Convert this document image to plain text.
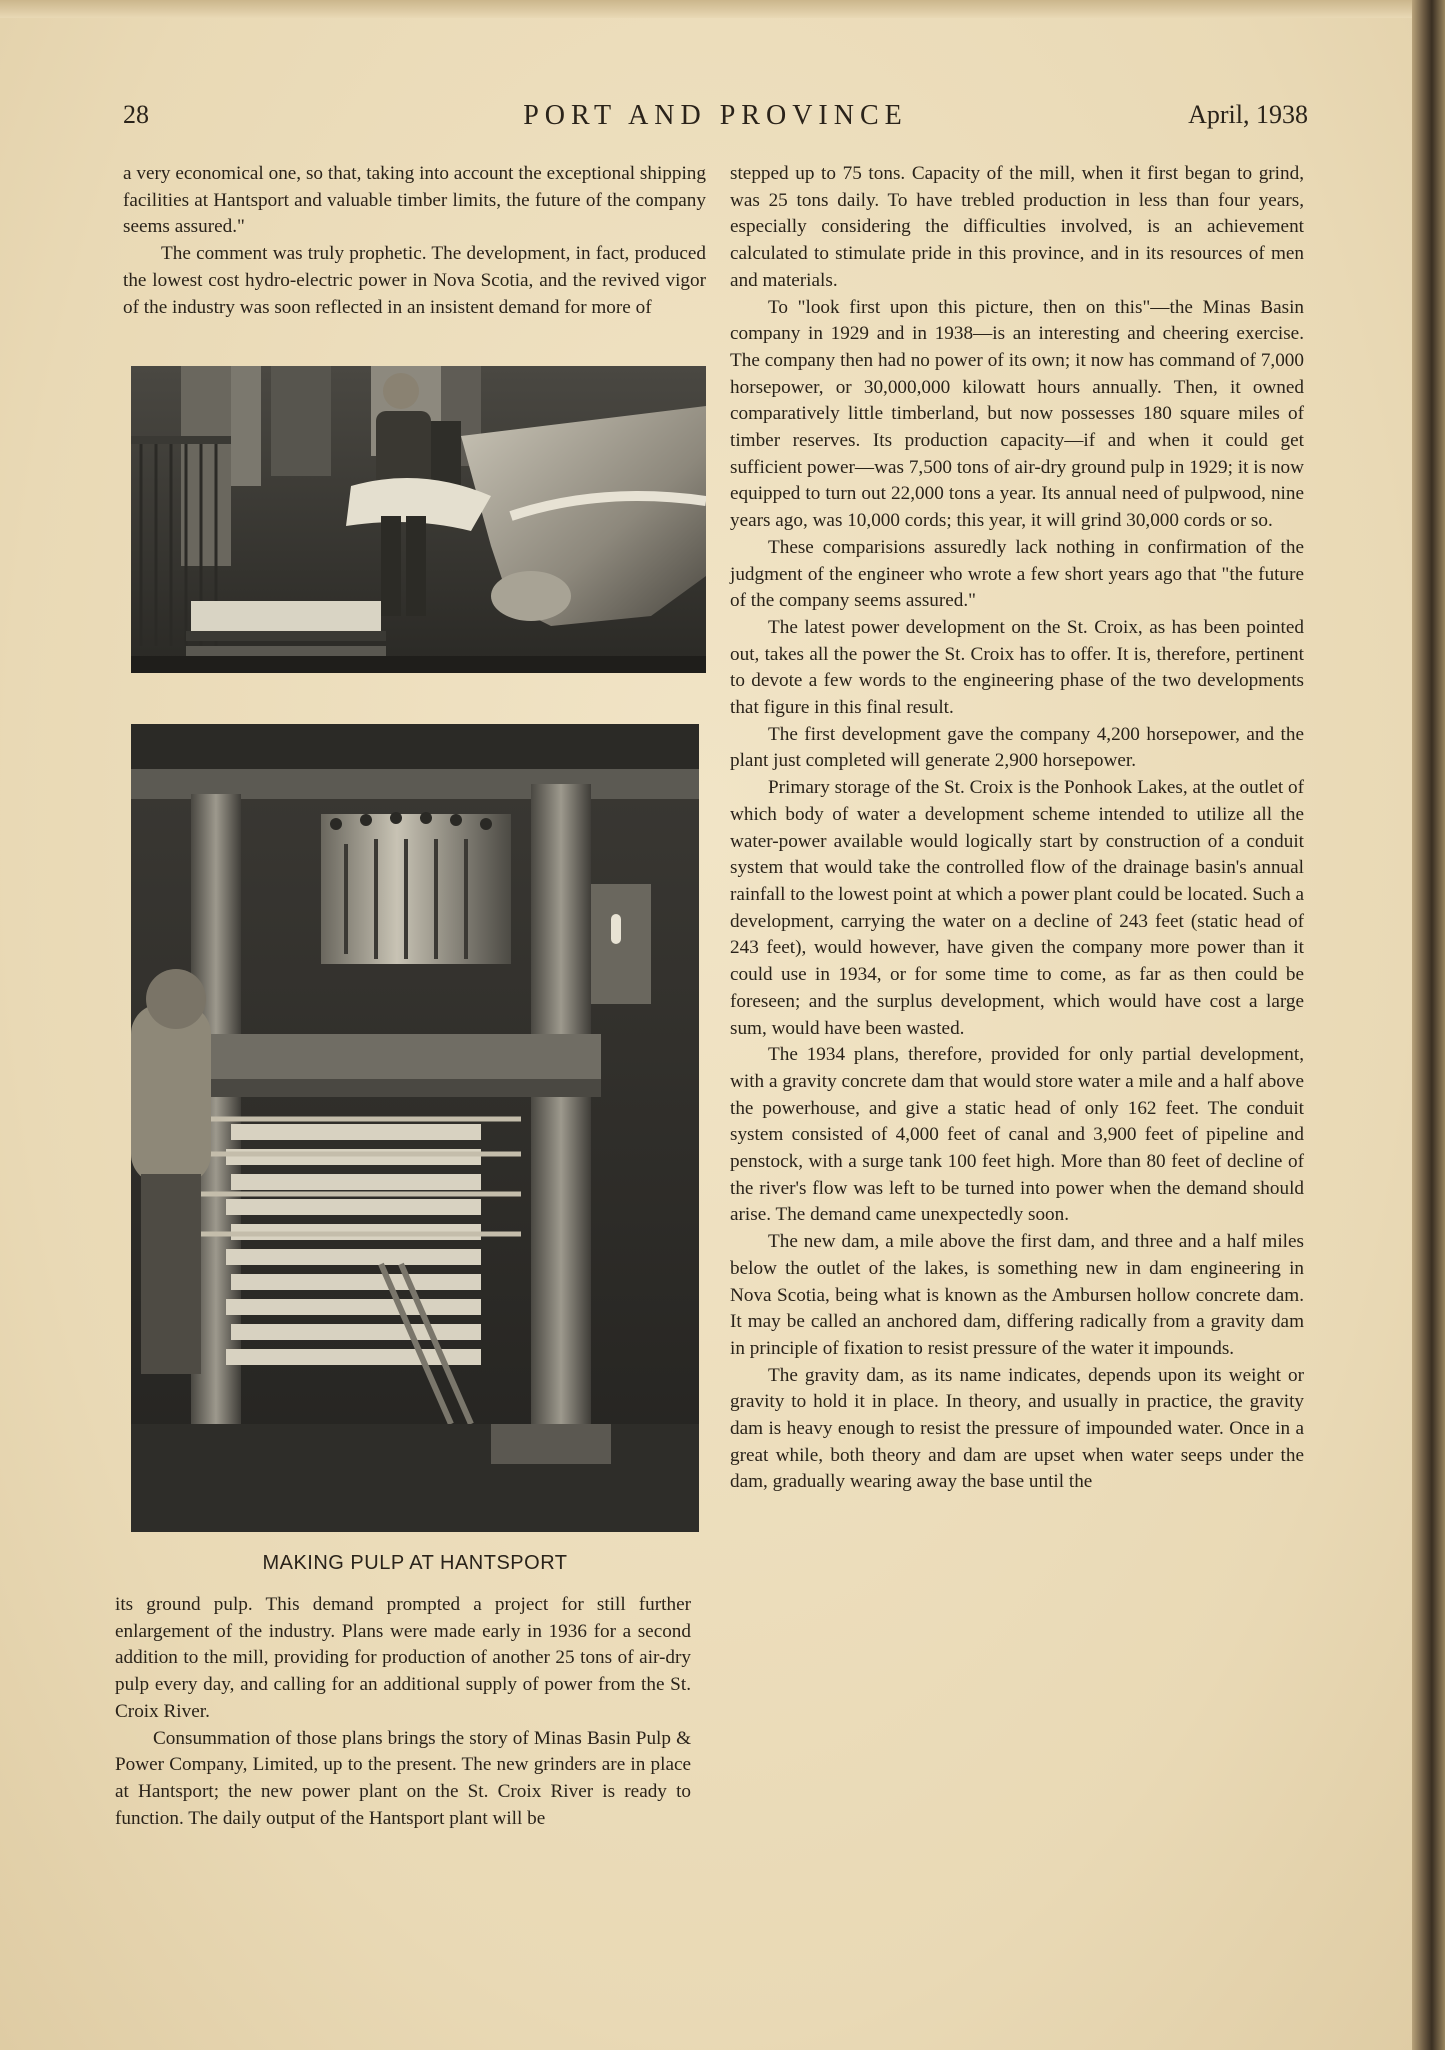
28	PORT AND PROVINCE	April, 1938

a very economical one, so that, taking into account the exceptional shipping facilities at Hantsport and valuable timber limits, the future of the company seems assured."

The comment was truly prophetic. The development, in fact, produced the lowest cost hydro-electric power in Nova Scotia, and the revived vigor of the industry was soon reflected in an insistent demand for more of

MAKING PULP AT HANTSPORT

its ground pulp. This demand prompted a project for still further enlargement of the industry. Plans were made early in 1936 for a second addition to the mill, providing for production of another 25 tons of air-dry pulp every day, and calling for an additional supply of power from the St. Croix River.

Consummation of those plans brings the story of Minas Basin Pulp & Power Company, Limited, up to the present. The new grinders are in place at Hantsport; the new power plant on the St. Croix River is ready to function. The daily output of the Hantsport plant will be

stepped up to 75 tons. Capacity of the mill, when it first began to grind, was 25 tons daily. To have trebled production in less than four years, especially considering the difficulties involved, is an achievement calculated to stimulate pride in this province, and in its resources of men and materials.

To "look first upon this picture, then on this"—the Minas Basin company in 1929 and in 1938—is an interesting and cheering exercise. The company then had no power of its own; it now has command of 7,000 horsepower, or 30,000,000 kilowatt hours annually. Then, it owned comparatively little timberland, but now possesses 180 square miles of timber reserves. Its production capacity—if and when it could get sufficient power—was 7,500 tons of air-dry ground pulp in 1929; it is now equipped to turn out 22,000 tons a year. Its annual need of pulpwood, nine years ago, was 10,000 cords; this year, it will grind 30,000 cords or so.

These comparisions assuredly lack nothing in confirmation of the judgment of the engineer who wrote a few short years ago that "the future of the company seems assured."

The latest power development on the St. Croix, as has been pointed out, takes all the power the St. Croix has to offer. It is, therefore, pertinent to devote a few words to the engineering phase of the two developments that figure in this final result.

The first development gave the company 4,200 horsepower, and the plant just completed will generate 2,900 horsepower.

Primary storage of the St. Croix is the Ponhook Lakes, at the outlet of which body of water a development scheme intended to utilize all the water-power available would logically start by construction of a conduit system that would take the controlled flow of the drainage basin's annual rainfall to the lowest point at which a power plant could be located. Such a development, carrying the water on a decline of 243 feet (static head of 243 feet), would however, have given the company more power than it could use in 1934, or for some time to come, as far as then could be foreseen; and the surplus development, which would have cost a large sum, would have been wasted.

The 1934 plans, therefore, provided for only partial development, with a gravity concrete dam that would store water a mile and a half above the powerhouse, and give a static head of only 162 feet. The conduit system consisted of 4,000 feet of canal and 3,900 feet of pipeline and penstock, with a surge tank 100 feet high. More than 80 feet of decline of the river's flow was left to be turned into power when the demand should arise. The demand came unexpectedly soon.

The new dam, a mile above the first dam, and three and a half miles below the outlet of the lakes, is something new in dam engineering in Nova Scotia, being what is known as the Ambursen hollow concrete dam. It may be called an anchored dam, differing radically from a gravity dam in principle of fixation to resist pressure of the water it impounds.

The gravity dam, as its name indicates, depends upon its weight or gravity to hold it in place. In theory, and usually in practice, the gravity dam is heavy enough to resist the pressure of impounded water. Once in a great while, both theory and dam are upset when water seeps under the dam, gradually wearing away the base until the
